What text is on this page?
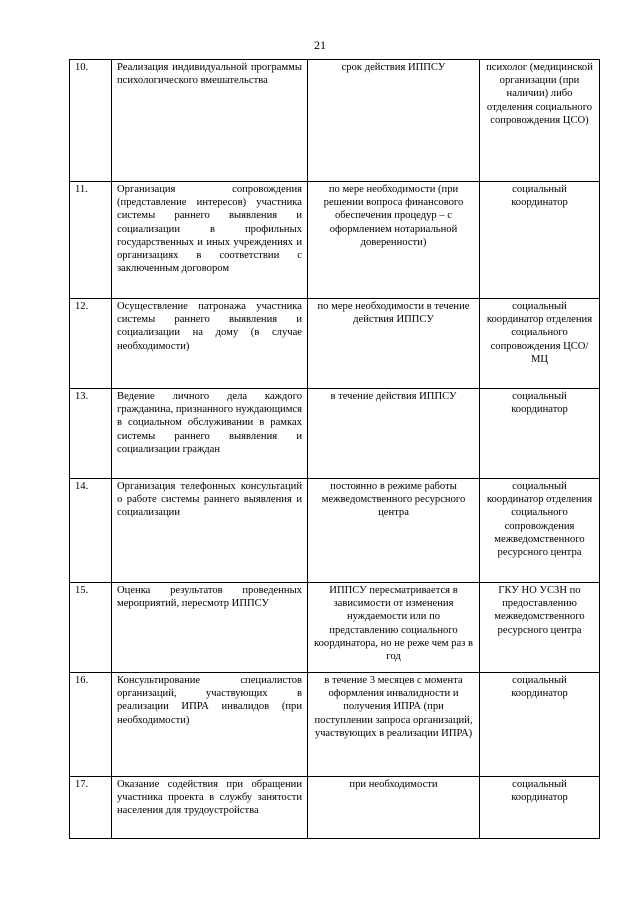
21
10.	Реализация индивидуальной программы психологического вмешательства	срок действия ИППСУ	психолог (медицинской организации (при наличии) либо отделения социального сопровождения ЦСО)
11.	Организация сопровождения (представление интересов) участника системы раннего выявления и социализации в профильных государственных и иных учреждениях и организациях в соответствии с заключенным договором	по мере необходимости (при решении вопроса финансового обеспечения процедур – с оформлением нотариальной доверенности)	социальный координатор
12.	Осуществление патронажа участника системы раннего выявления и социализации на дому (в случае необходимости)	по мере необходимости в течение действия ИППСУ	социальный координатор отделения социального сопровождения ЦСО/МЦ
13.	Ведение личного дела каждого гражданина, признанного нуждающимся в социальном обслуживании в рамках системы раннего выявления и социализации граждан	в течение действия ИППСУ	социальный координатор
14.	Организация телефонных консультаций о работе системы раннего выявления и социализации	постоянно в режиме работы межведомственного ресурсного центра	социальный координатор отделения социального сопровождения межведомственного ресурсного центра
15.	Оценка результатов проведенных мероприятий, пересмотр ИППСУ	ИППСУ пересматривается в зависимости от изменения нуждаемости или по представлению социального координатора, но не реже чем раз в год	ГКУ НО УСЗН по предоставлению межведомственного ресурсного центра
16.	Консультирование специалистов организаций, участвующих в реализации ИПРА инвалидов (при необходимости)	в течение 3 месяцев с момента оформления инвалидности и получения ИПРА (при поступлении запроса организаций, участвующих в реализации ИПРА)	социальный координатор
17.	Оказание содействия при обращении участника проекта в службу занятости населения для трудоустройства	при необходимости	социальный координатор
